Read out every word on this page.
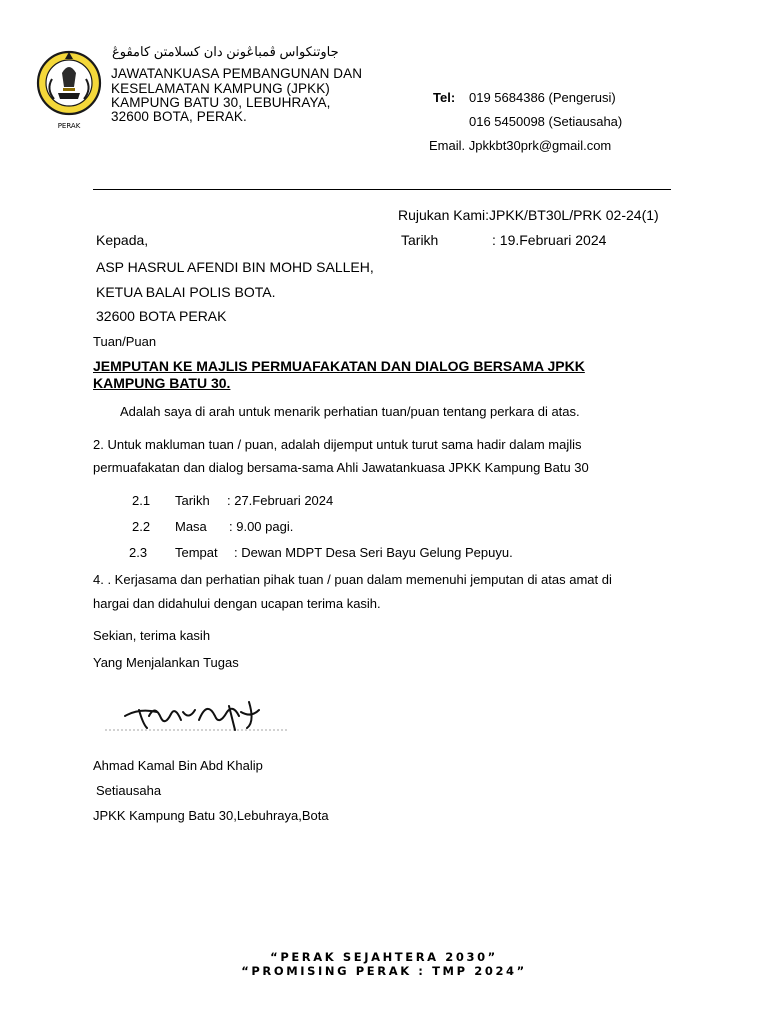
PERAK
جاوتنكواس ڤمباڠونن دان كسلامتن كامڤوڠ
JAWATANKUASA PEMBANGUNAN DAN
KESELAMATAN KAMPUNG (JPKK)
KAMPUNG BATU 30, LEBUHRAYA,
32600 BOTA, PERAK.
Tel: 019 5684386 (Pengerusi)
016 5450098 (Setiausaha)
Email. Jpkkbt30prk@gmail.com
Rujukan Kami:JPKK/BT30L/PRK 02-24(1)
Tarikh	: 19.Februari 2024
Kepada,
ASP HASRUL AFENDI BIN MOHD SALLEH,
KETUA BALAI POLIS BOTA.
32600 BOTA PERAK
Tuan/Puan
JEMPUTAN KE MAJLIS PERMUAFAKATAN DAN DIALOG BERSAMA JPKK
KAMPUNG BATU 30.
Adalah saya di arah untuk menarik perhatian tuan/puan tentang perkara di atas.
2. Untuk makluman tuan / puan, adalah dijemput untuk turut sama hadir dalam majlis
permuafakatan dan dialog bersama-sama Ahli Jawatankuasa JPKK Kampung Batu 30
2.1 Tarikh : 27.Februari 2024
2.2 Masa : 9.00 pagi.
2.3 Tempat : Dewan MDPT Desa Seri Bayu Gelung Pepuyu.
4. . Kerjasama dan perhatian pihak tuan / puan dalam memenuhi jemputan di atas amat di
hargai dan didahului dengan ucapan terima kasih.
Sekian, terima kasih
Yang Menjalankan Tugas
Ahmad Kamal Bin Abd Khalip
Setiausaha
JPKK Kampung Batu 30,Lebuhraya,Bota
“PERAK SEJAHTERA 2030”
“PROMISING PERAK : TMP 2024”
